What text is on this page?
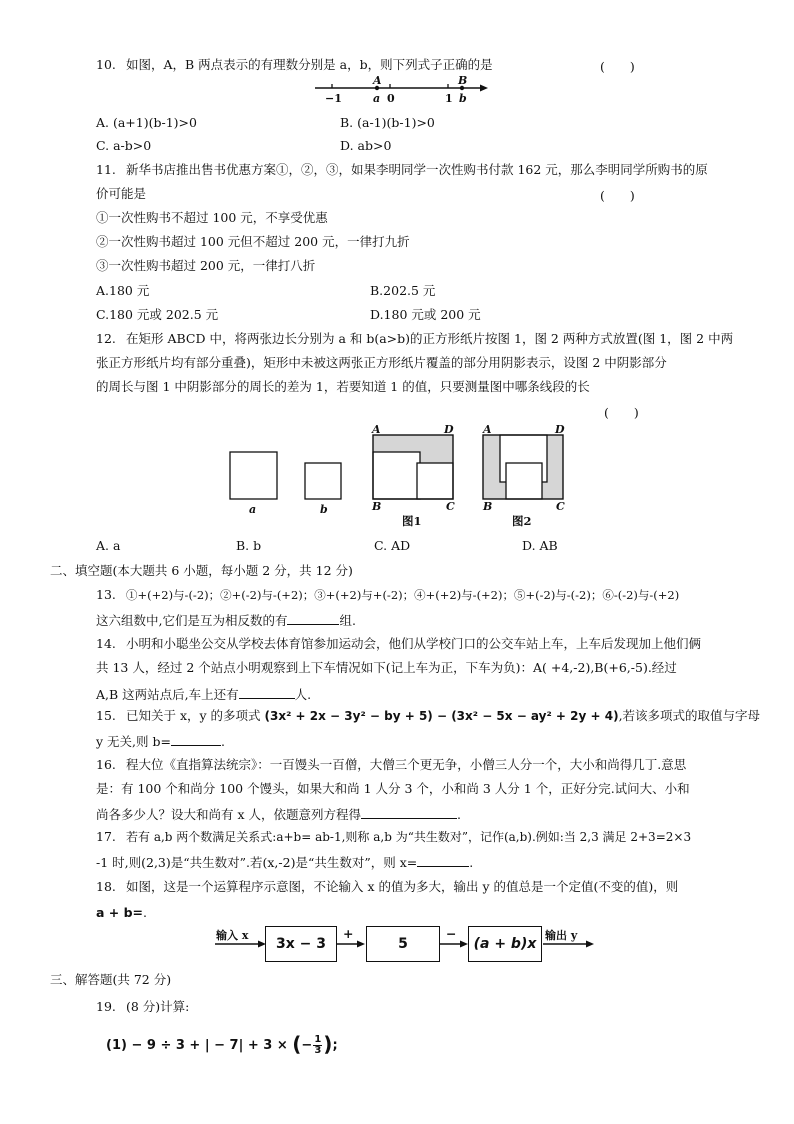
10. 如图，A，B 两点表示的有理数分别是 a，b，则下列式子正确的是	(　　)
A	B
−1	a 0	1 b
A. (a+1)(b-1)>0	B. (a-1)(b-1)>0
C. a-b>0	D. ab>0
11. 新华书店推出售书优惠方案①，②，③，如果李明同学一次性购书付款 162 元，那么李明同学所购书的原
价可能是	(　　)
①一次性购书不超过 100 元，不享受优惠
②一次性购书超过 100 元但不超过 200 元，一律打九折
③一次性购书超过 200 元，一律打八折
A.180 元	B.202.5 元
C.180 元或 202.5 元	D.180 元或 200 元
12. 在矩形 ABCD 中，将两张边长分别为 a 和 b(a>b)的正方形纸片按图 1，图 2 两种方式放置(图 1，图 2 中两
张正方形纸片均有部分重叠)，矩形中未被这两张正方形纸片覆盖的部分用阴影表示，设图 2 中阴影部分
的周长与图 1 中阴影部分的周长的差为 1，若要知道 1 的值，只要测量图中哪条线段的长
(　　)
a	b
A	D
B	C
图1
A	D
B	C
图2
A. a	B. b	C. AD	D. AB
二、填空题(本大题共 6 小题，每小题 2 分，共 12 分)
13. ①+(+2)与-(-2)；②+(-2)与-(+2)；③+(+2)与+(-2)；④+(+2)与-(+2)；⑤+(-2)与-(-2)；⑥-(-2)与-(+2)
这六组数中,它们是互为相反数的有	组.
14. 小明和小聪坐公交从学校去体育馆参加运动会，他们从学校门口的公交车站上车，上车后发现加上他们俩
共 13 人，经过 2 个站点小明观察到上下车情况如下(记上车为正，下车为负)：A( +4,-2),B(+6,-5).经过
A,B 这两站点后,车上还有	人.
15. 已知关于 x，y 的多项式 (3x² + 2x − 3y² − by + 5) − (3x² − 5x − ay² + 2y + 4),若该多项式的取值与字母
y 无关,则 b=	.
16. 程大位《直指算法统宗》：一百馒头一百僧，大僧三个更无争，小僧三人分一个，大小和尚得几丁.意思
是：有 100 个和尚分 100 个馒头，如果大和尚 1 人分 3 个，小和尚 3 人分 1 个，正好分完.试问大、小和
尚各多少人？设大和尚有 x 人，依题意列方程得	.
17. 若有 a,b 两个数满足关系式:a+b= ab-1,则称 a,b 为“共生数对”，记作(a,b).例如:当 2,3 满足 2+3=2×3
-1 时,则(2,3)是“共生数对”.若(x,-2)是“共生数对”，则 x=	.
18. 如图，这是一个运算程序示意图，不论输入 x 的值为多大，输出 y 的值总是一个定值(不变的值)，则
a + b=.
输入 x
3x − 3
+
5
−
(a + b)x
输出 y
三、解答题(共 72 分)
19. (8 分)计算:
(1) − 9 ÷ 3 + | − 7| + 3 × (− $\frac{1}{3}$ );
